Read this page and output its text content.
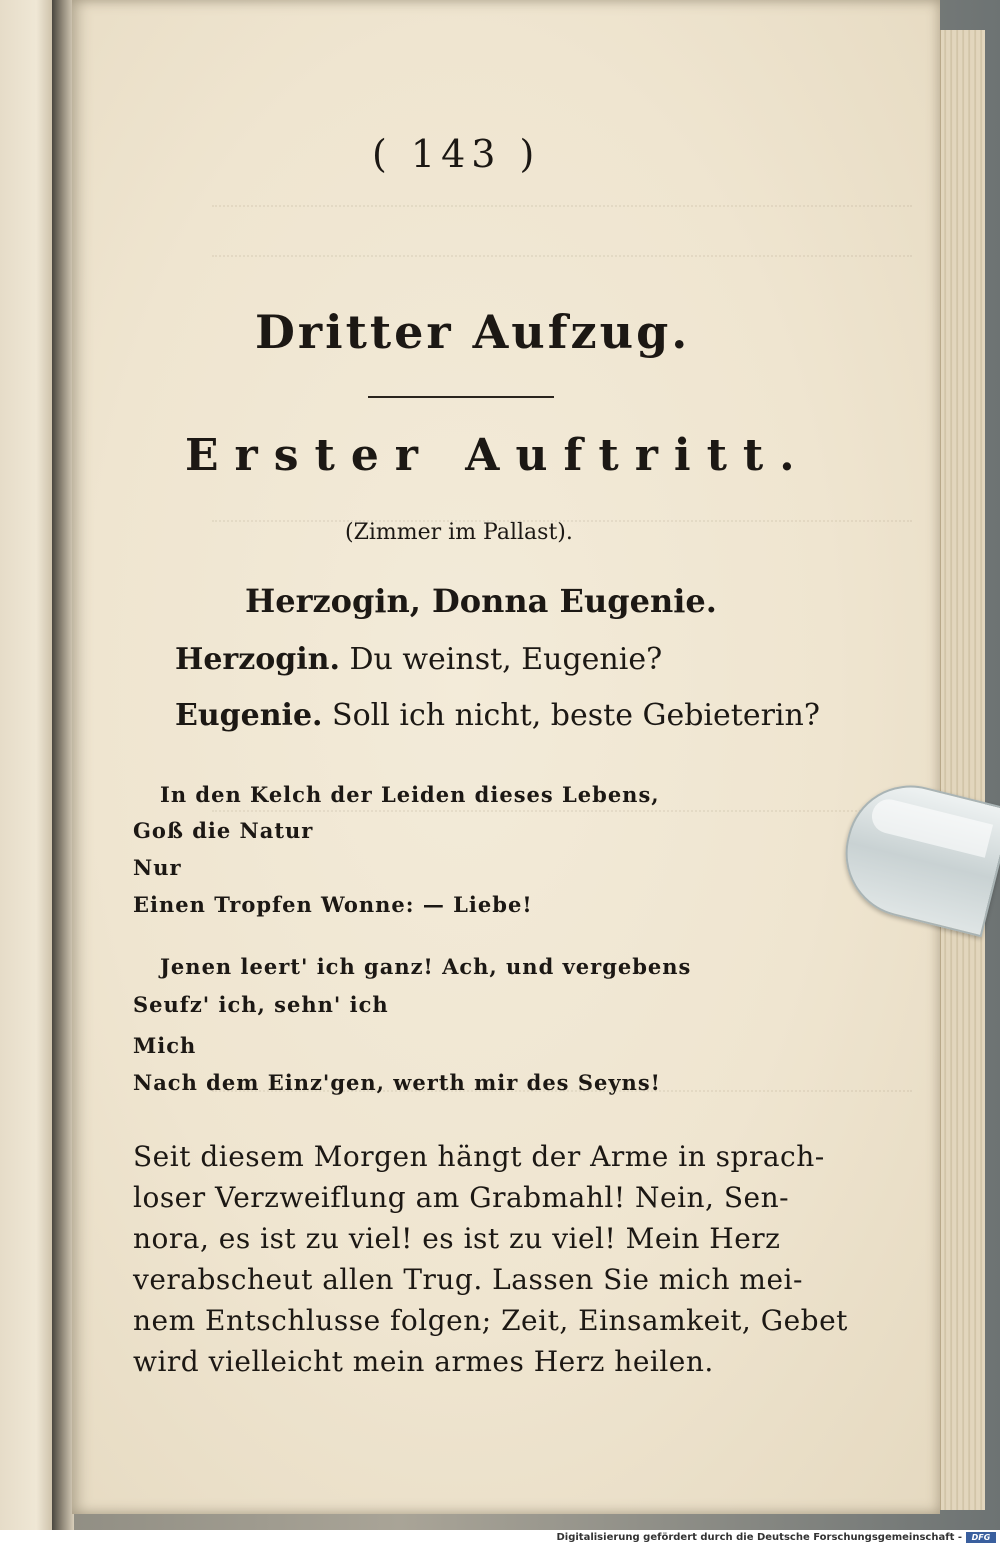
( 143 )
Dritter Aufzug.
Erster Auftritt.
(Zimmer im Pallast).
Herzogin, Donna Eugenie.
Herzogin. Du weinst, Eugenie?
Eugenie. Soll ich nicht, beste Gebieterin?
In den Kelch der Leiden dieses Lebens,
Goß die Natur
Nur
Einen Tropfen Wonne: — Liebe!
Jenen leert' ich ganz! Ach, und vergebens
Seufz' ich, sehn' ich
Mich
Nach dem Einz'gen, werth mir des Seyns!
Seit diesem Morgen hängt der Arme in sprach-
loser Verzweiflung am Grabmahl! Nein, Sen-
nora, es ist zu viel! es ist zu viel! Mein Herz
verabscheut allen Trug. Lassen Sie mich mei-
nem Entschlusse folgen; Zeit, Einsamkeit, Gebet
wird vielleicht mein armes Herz heilen.
Digitalisierung gefördert durch die Deutsche Forschungsgemeinschaft -	DFG
